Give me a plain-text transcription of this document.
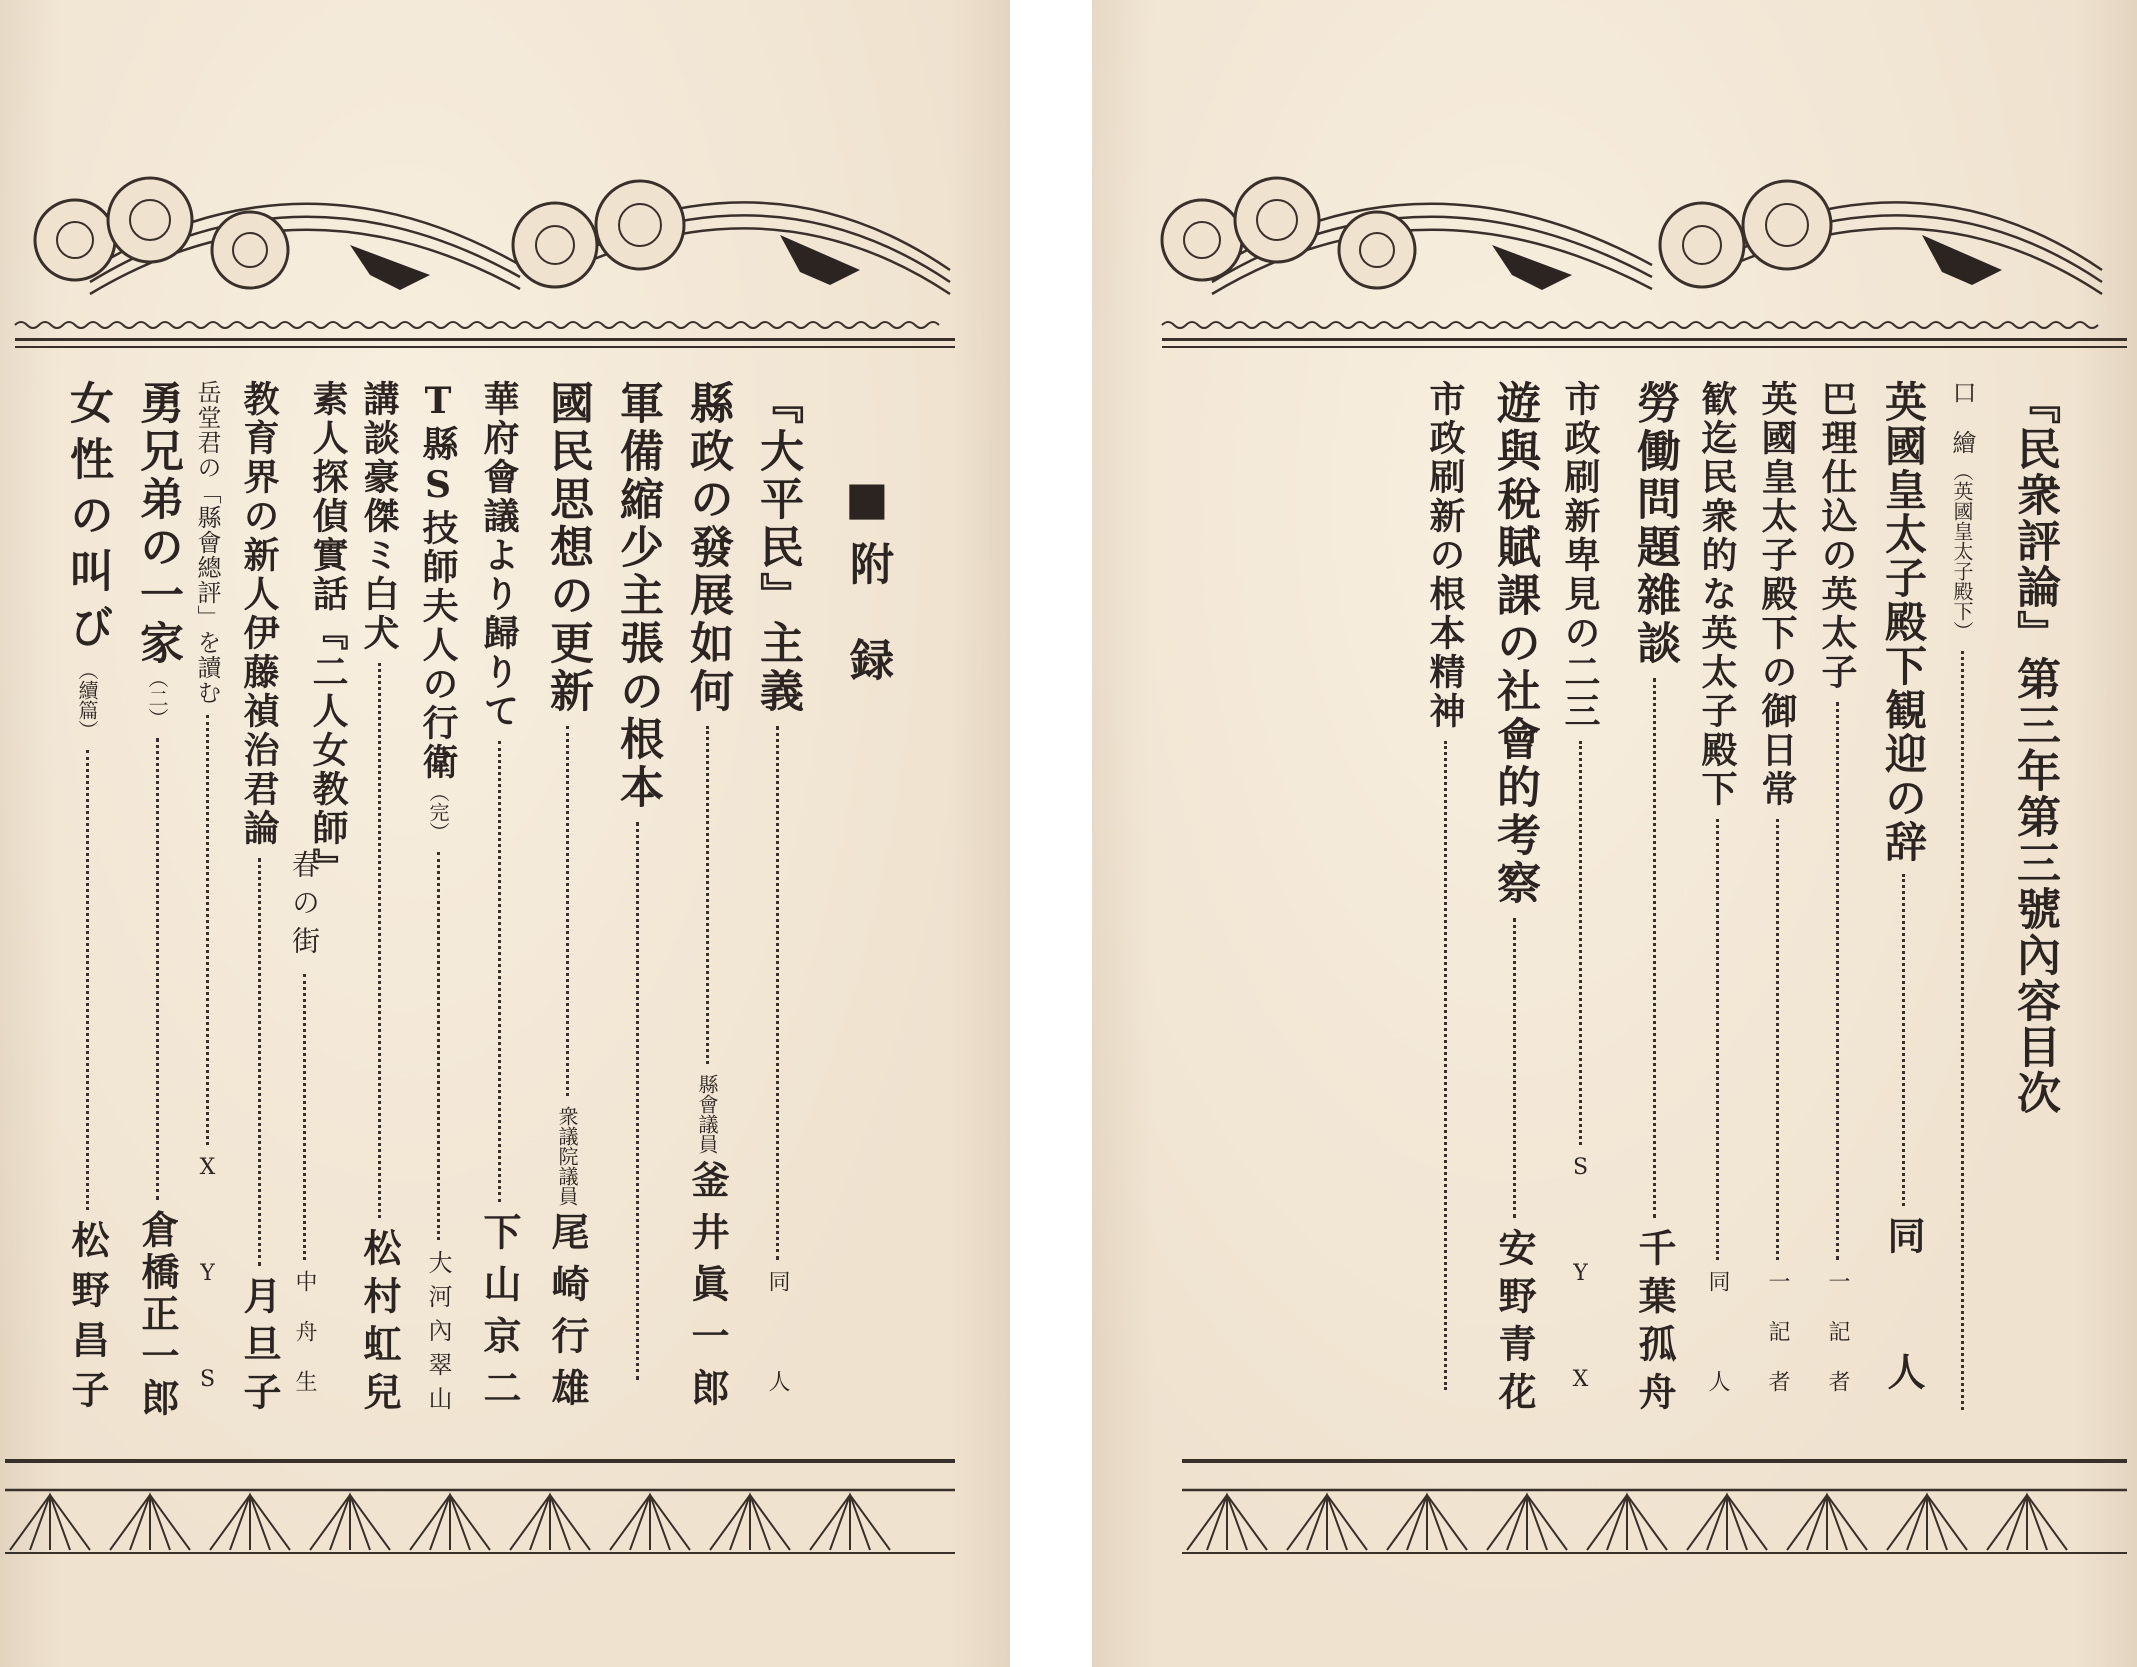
■
附　録
『大平民』主義
同　人
縣政の發展如何
縣會議員
釜井眞一郎
軍備縮少主張の根本
國民思想の更新
衆議院議員
尾崎行雄
華府會議より歸りて
下山京二
T縣S技師夫人の行衛
（完）
大河內翠山
講談豪傑ミ白犬
松村虹兒
素人探偵實話『二人女教師』
春の街
中舟生
教育界の新人伊藤禎治君論
月旦子
岳堂君の「縣會總評」を讀む
X Y S
勇兄弟の一家
（二）
倉橋正一郎
女性の叫び
（續篇）
松野昌子
『民衆評論』第三年第三號內容目次
口　繪
（英國皇太子殿下）
英國皇太子殿下観迎の辞
同　人
巴理仕込の英太子
一記者
英國皇太子殿下の御日常
一記者
歓迄民衆的な英太子殿下
同　人
勞働問題雜談
千葉孤舟
市政刷新卑見の二三
S Y X
遊與稅賦課の社會的考察
安野青花
市政刷新の根本精神
